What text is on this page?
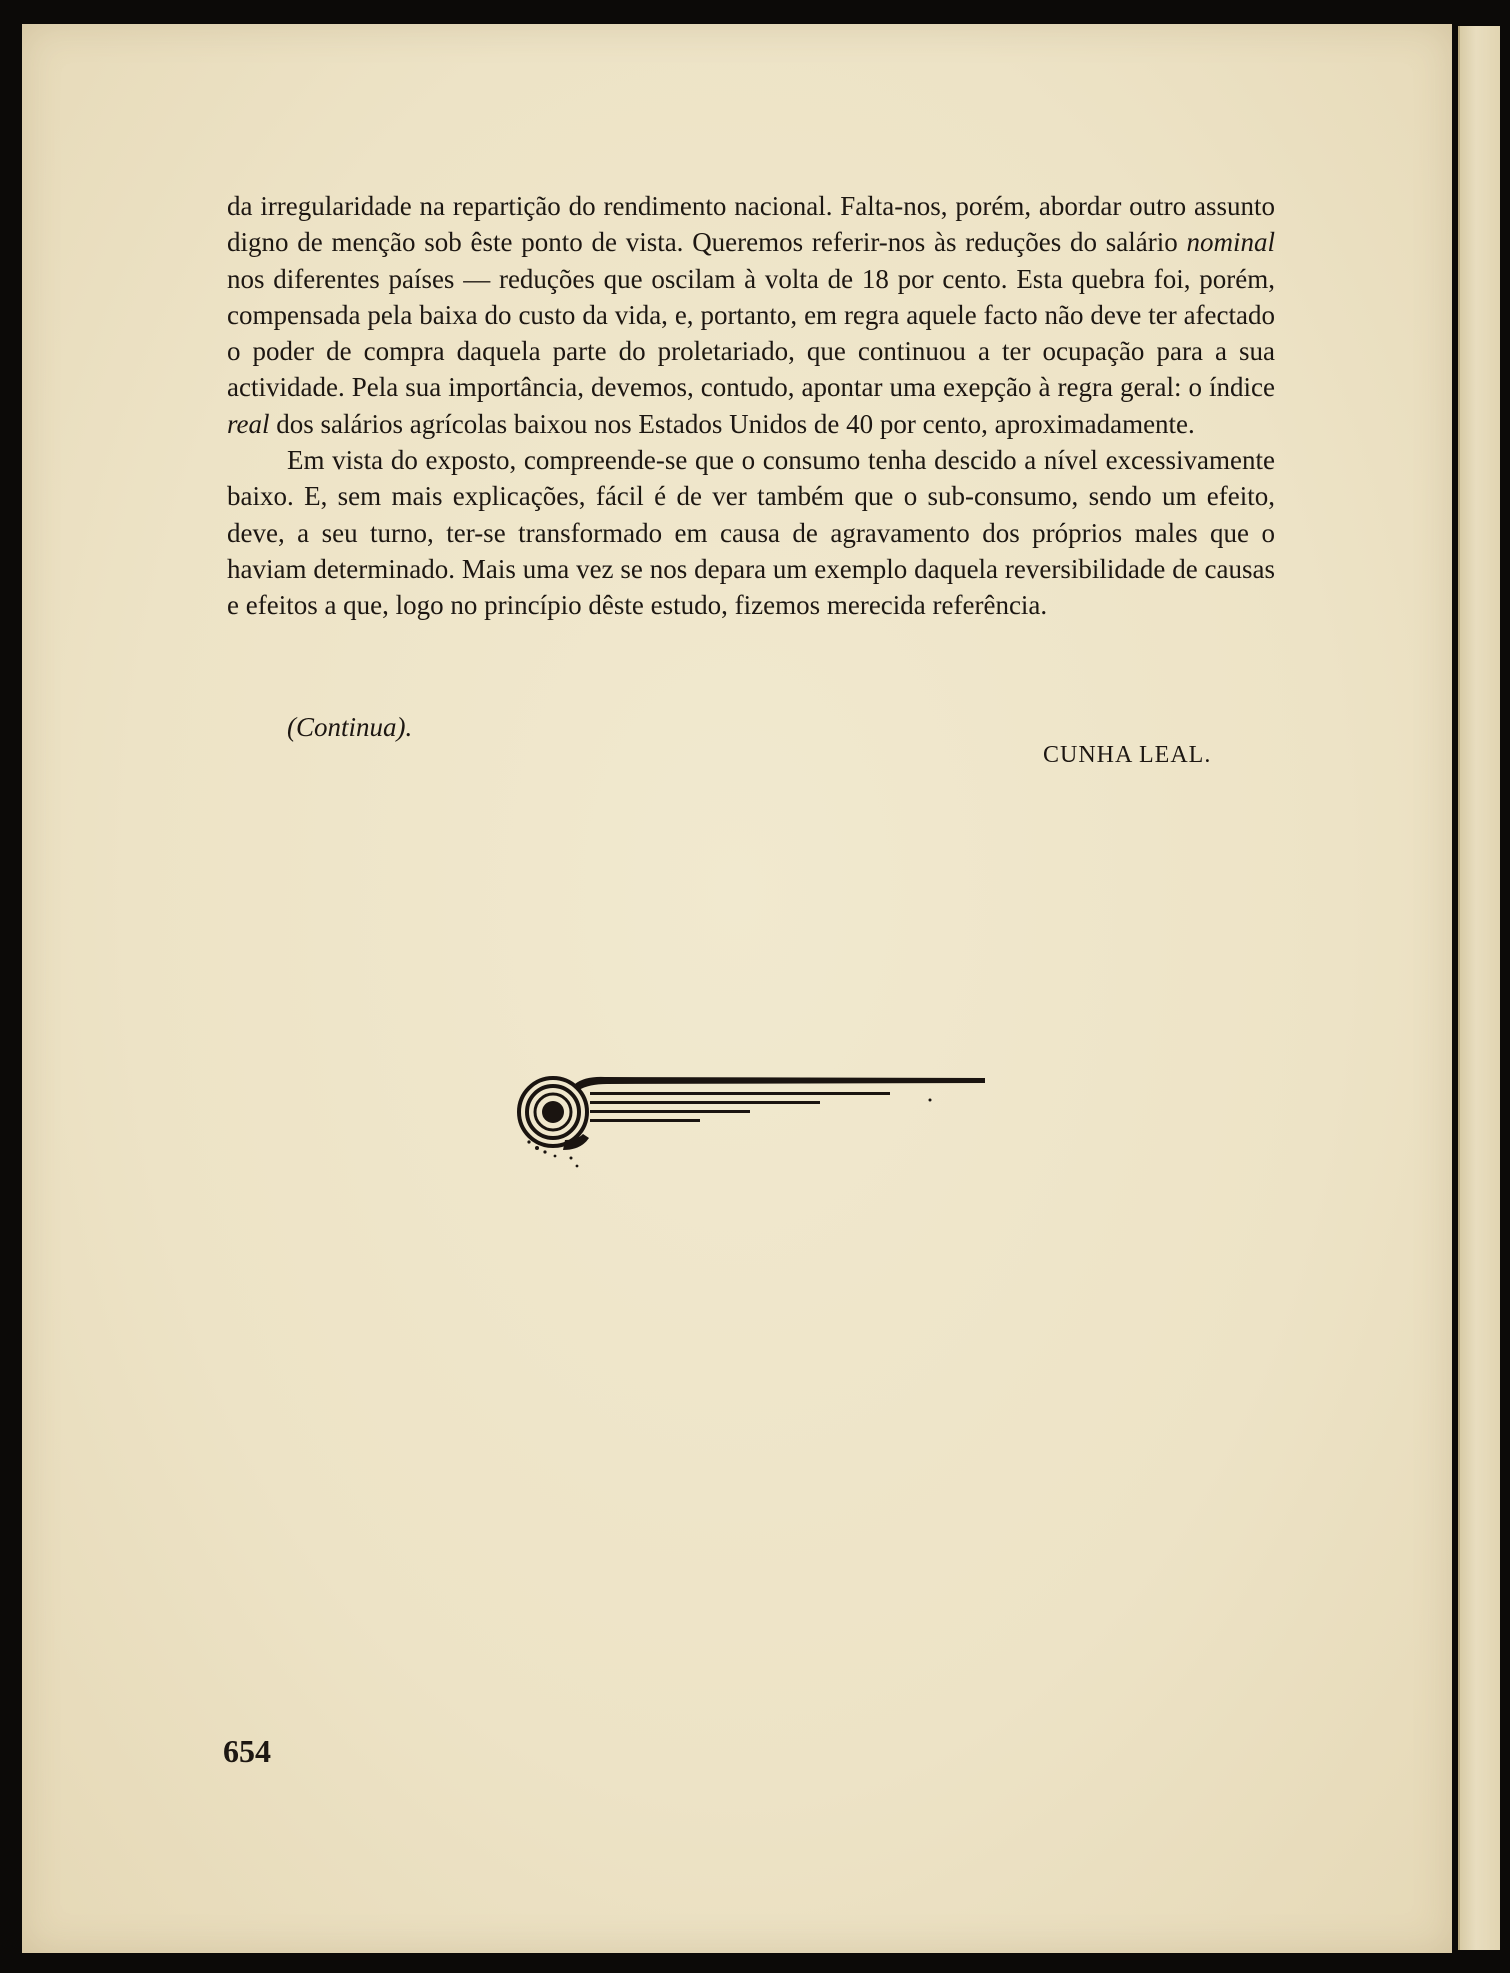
da irregularidade na repartição do rendimento nacional. Falta-nos, porém, abordar outro assunto digno de menção sob êste ponto de vista. Queremos referir-nos às reduções do salário nominal nos diferentes países — reduções que oscilam à volta de 18 por cento. Esta quebra foi, porém, compensada pela baixa do custo da vida, e, portanto, em regra aquele facto não deve ter afectado o poder de compra daquela parte do proletariado, que continuou a ter ocupação para a sua actividade. Pela sua importância, devemos, contudo, apontar uma exepção à regra geral: o índice real dos salários agrícolas baixou nos Estados Unidos de 40 por cento, aproximadamente.

Em vista do exposto, compreende-se que o consumo tenha descido a nível excessivamente baixo. E, sem mais explicações, fácil é de ver também que o sub-consumo, sendo um efeito, deve, a seu turno, ter-se transformado em causa de agravamento dos próprios males que o haviam determinado. Mais uma vez se nos depara um exemplo daquela reversibilidade de causas e efeitos a que, logo no princípio dêste estudo, fizemos merecida referência.

(Continua).
CUNHA LEAL.
654
